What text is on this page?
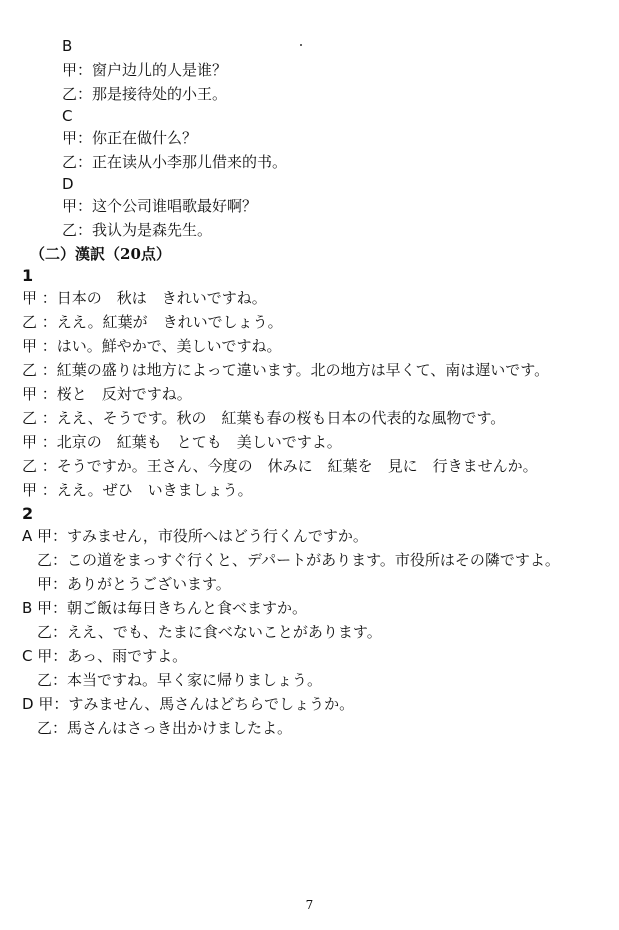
B
甲：窗户边儿的人是谁？
乙：那是接待处的小王。
C
甲：你正在做什么？
乙：正在读从小李那儿借来的书。
D
甲：这个公司谁唱歌最好啊？
乙：我认为是森先生。
（二）漢訳（20点）
1
甲 ：日本の　秋は　きれいですね。
乙 ：ええ。紅葉が　きれいでしょう。
甲 ：はい。鮮やかで、美しいですね。
乙 ：紅葉の盛りは地方によって違います。北の地方は早くて、南は遅いです。
甲 ：桜と　反対ですね。
乙 ：ええ、そうです。秋の　紅葉も春の桜も日本の代表的な風物です。
甲 ：北京の　紅葉も　とても　美しいですよ。
乙 ：そうですか。王さん、今度の　休みに　紅葉を　見に　行きませんか。
甲 ：ええ。ぜひ　いきましょう。
2
A 甲：すみません，市役所へはどう行くんですか。
　乙：この道をまっすぐ行くと、デパートがあります。市役所はその隣ですよ。
　甲：ありがとうございます。
B 甲：朝ご飯は毎日きちんと食べますか。
　乙：ええ、でも、たまに食べないことがあります。
C 甲：あっ、雨ですよ。
　乙：本当ですね。早く家に帰りましょう。
D 甲：すみません、馬さんはどちらでしょうか。
　乙：馬さんはさっき出かけましたよ。
7
